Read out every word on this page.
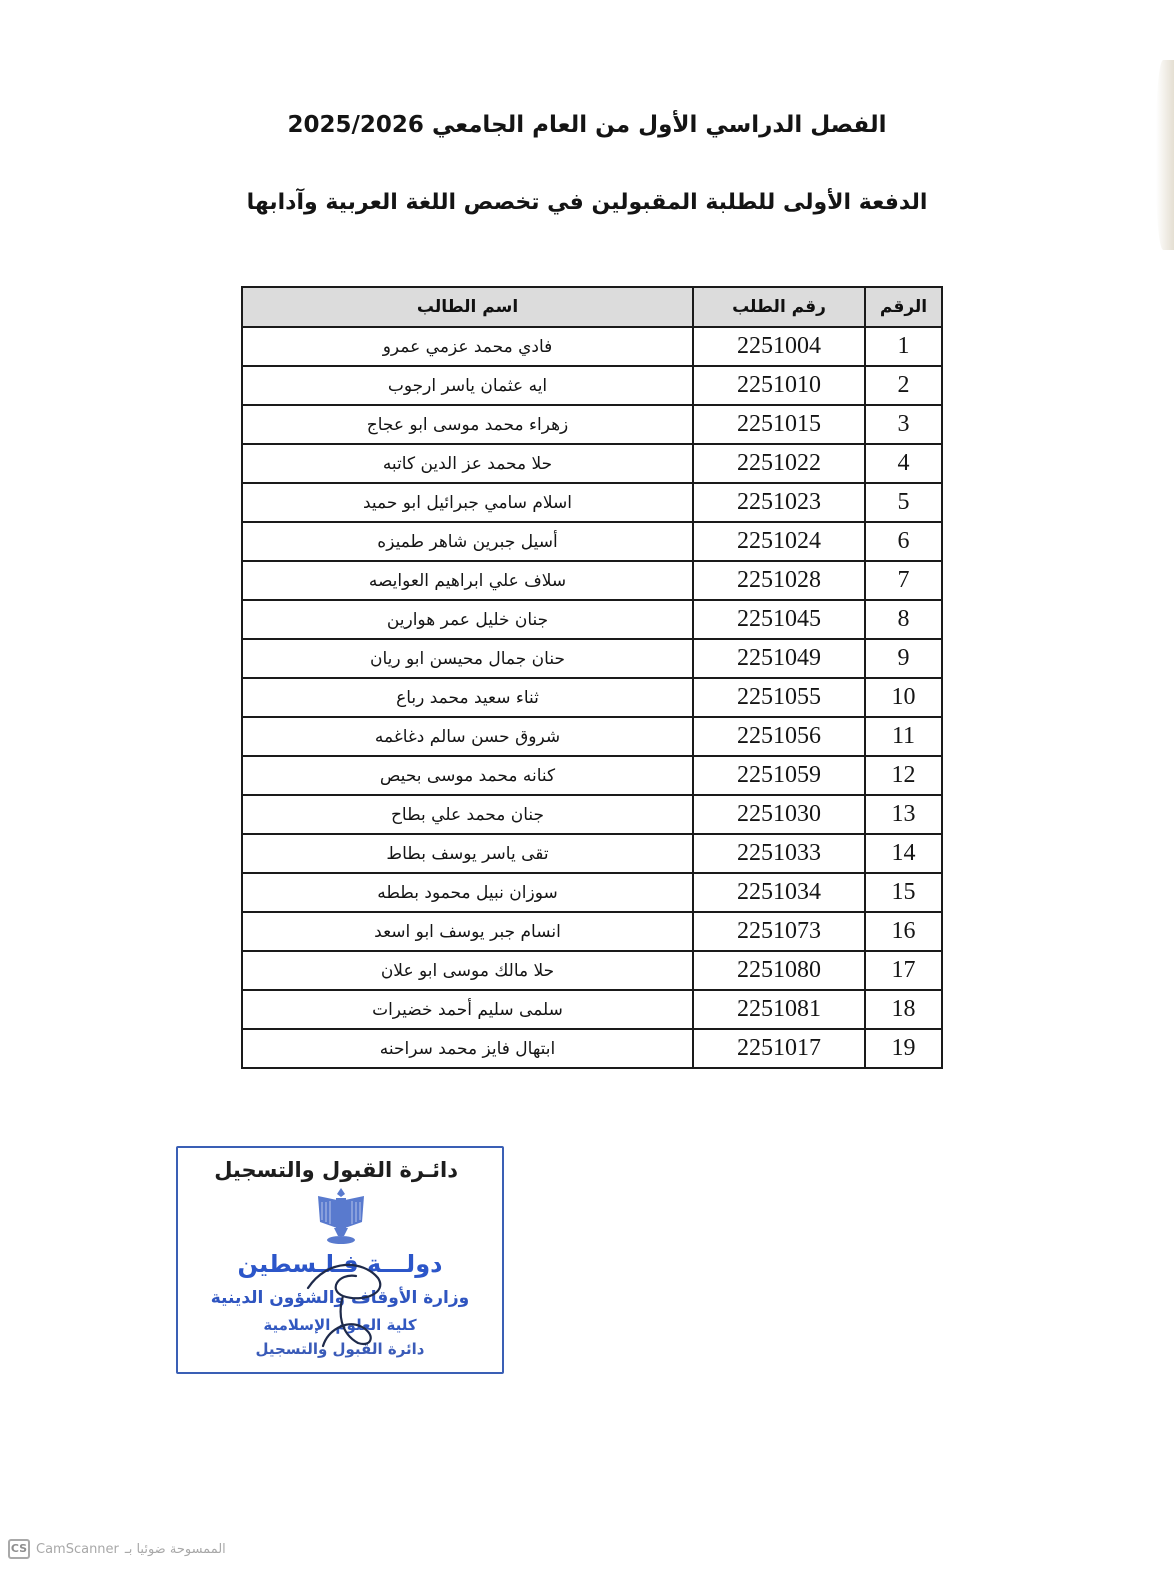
الفصل الدراسي الأول من العام الجامعي 2025/2026
الدفعة الأولى للطلبة المقبولين في تخصص اللغة العربية وآدابها
الرقم	رقم الطلب	اسم الطالب
1	2251004	فادي محمد عزمي عمرو
2	2251010	ايه عثمان ياسر ارجوب
3	2251015	زهراء محمد موسى ابو عجاج
4	2251022	حلا محمد عز الدين كاتبه
5	2251023	اسلام سامي جبرائيل ابو حميد
6	2251024	أسيل جبرين شاهر طميزه
7	2251028	سلاف علي ابراهيم العوايصه
8	2251045	جنان خليل عمر هوارين
9	2251049	حنان جمال محيسن ابو ريان
10	2251055	ثناء سعيد محمد رباع
11	2251056	شروق حسن سالم دغاغمه
12	2251059	كنانه محمد موسى بحيص
13	2251030	جنان محمد علي بطاح
14	2251033	تقى ياسر يوسف بطاط
15	2251034	سوزان نبيل محمود بططه
16	2251073	انسام جبر يوسف ابو اسعد
17	2251080	حلا مالك موسى ابو علان
18	2251081	سلمى سليم أحمد خضيرات
19	2251017	ابتهال فايز محمد سراحنه
دائـرة القبول والتسجيل
دولـــة فـلـسطين
وزارة الأوقاف والشؤون الدينية
كلية العلوم الإسلامية
دائرة القبول والتسجيل
CS CamScanner الممسوحة ضوئيا بـ
